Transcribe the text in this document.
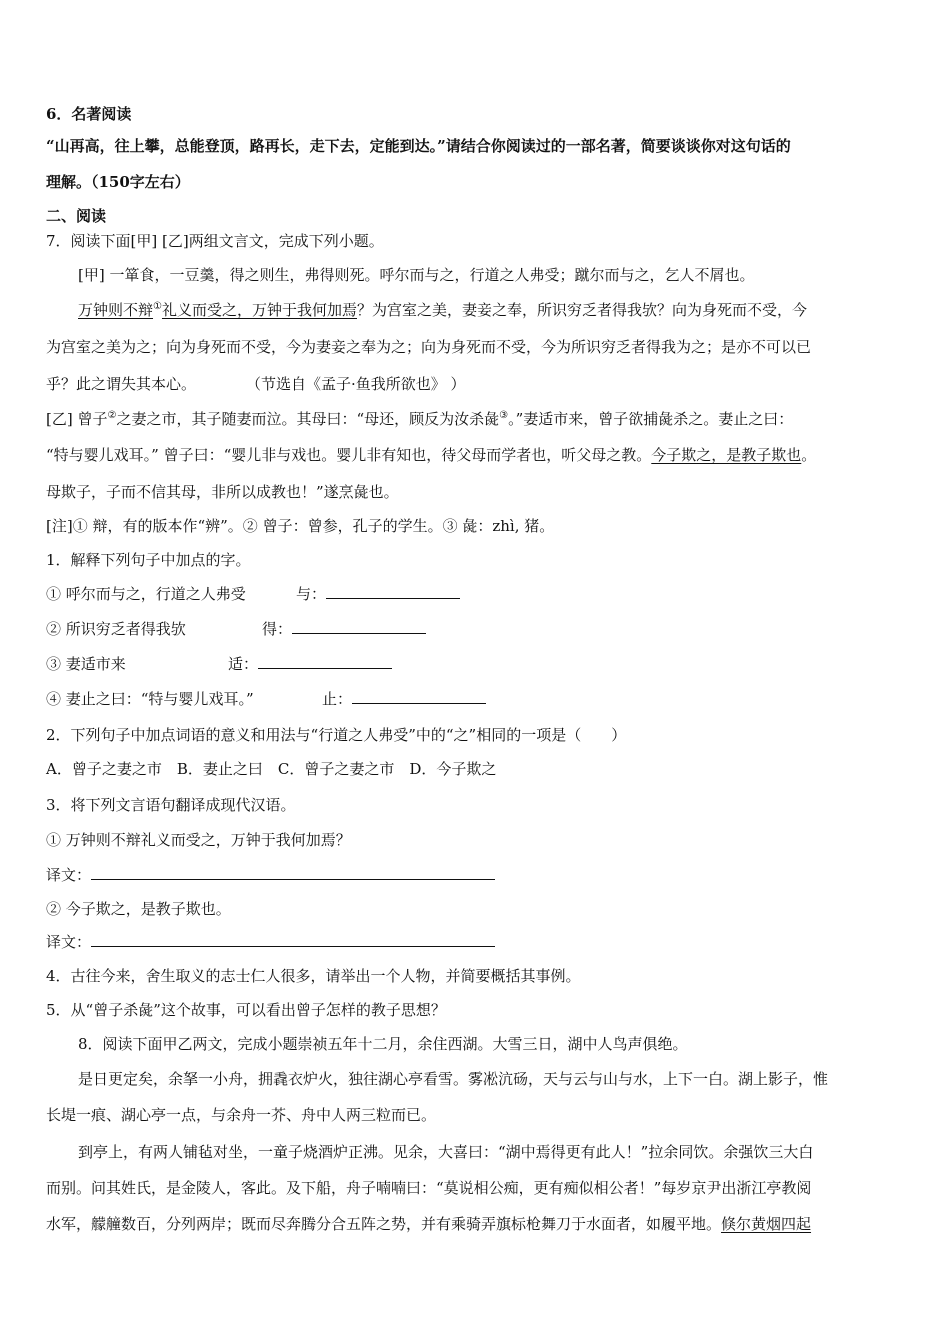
6．名著阅读
“山再高，往上攀，总能登顶，路再长，走下去，定能到达。”请结合你阅读过的一部名著，简要谈谈你对这句话的
理解。（150字左右）
二、阅读
7．阅读下面[甲] [乙]两组文言文，完成下列小题。
[甲] 一箪食，一豆羹，得之则生，弗得则死。呼尔而与之，行道之人弗受；蹴尔而与之，乞人不屑也。
万钟则不辩①礼义而受之，万钟于我何加焉？为宫室之美，妻妾之奉，所识穷乏者得我欤？向为身死而不受，今
为宫室之美为之；向为身死而不受，今为妻妾之奉为之；向为身死而不受，今为所识穷乏者得我为之；是亦不可以已
乎？此之谓失其本心。	（节选自《孟子·鱼我所欲也》 ）
[乙] 曾子②之妻之市，其子随妻而泣。其母曰：“母还，顾反为汝杀彘③。”妻适市来，曾子欲捕彘杀之。妻止之曰：
“特与婴儿戏耳。” 曾子曰：“婴儿非与戏也。婴儿非有知也，待父母而学者也，听父母之教。今子欺之，是教子欺也。
母欺子，子而不信其母，非所以成教也！”遂烹彘也。
[注]① 辩，有的版本作“辨”。② 曾子：曾参，孔子的学生。③ 彘：zhì, 猪。
1．解释下列句子中加点的字。
① 呼尔而与之，行道之人弗受	与：
② 所识穷乏者得我欤	得：
③ 妻适市来	适：
④ 妻止之曰：“特与婴儿戏耳。”	止：
2．下列句子中加点词语的意义和用法与“行道之人弗受”中的“之”相同的一项是（　　）
A．曾子之妻之市　B．妻止之曰　C．曾子之妻之市　D．今子欺之
3．将下列文言语句翻译成现代汉语。
① 万钟则不辩礼义而受之，万钟于我何加焉？
译文：
② 今子欺之，是教子欺也。
译文：
4．古往今来，舍生取义的志士仁人很多，请举出一个人物，并简要概括其事例。
5．从“曾子杀彘”这个故事，可以看出曾子怎样的教子思想？
8．阅读下面甲乙两文，完成小题崇祯五年十二月，余住西湖。大雪三日，湖中人鸟声俱绝。
是日更定矣，余拏一小舟，拥毳衣炉火，独往湖心亭看雪。雾凇沆砀，天与云与山与水，上下一白。湖上影子，惟
长堤一痕、湖心亭一点，与余舟一芥、舟中人两三粒而已。
到亭上，有两人铺毡对坐，一童子烧酒炉正沸。见余，大喜曰：“湖中焉得更有此人！”拉余同饮。余强饮三大白
而别。问其姓氏，是金陵人，客此。及下船，舟子喃喃曰：“莫说相公痴，更有痴似相公者！”每岁京尹出浙江亭教阅
水军，艨艟数百，分列两岸；既而尽奔腾分合五阵之势，并有乘骑弄旗标枪舞刀于水面者，如履平地。倏尔黄烟四起
